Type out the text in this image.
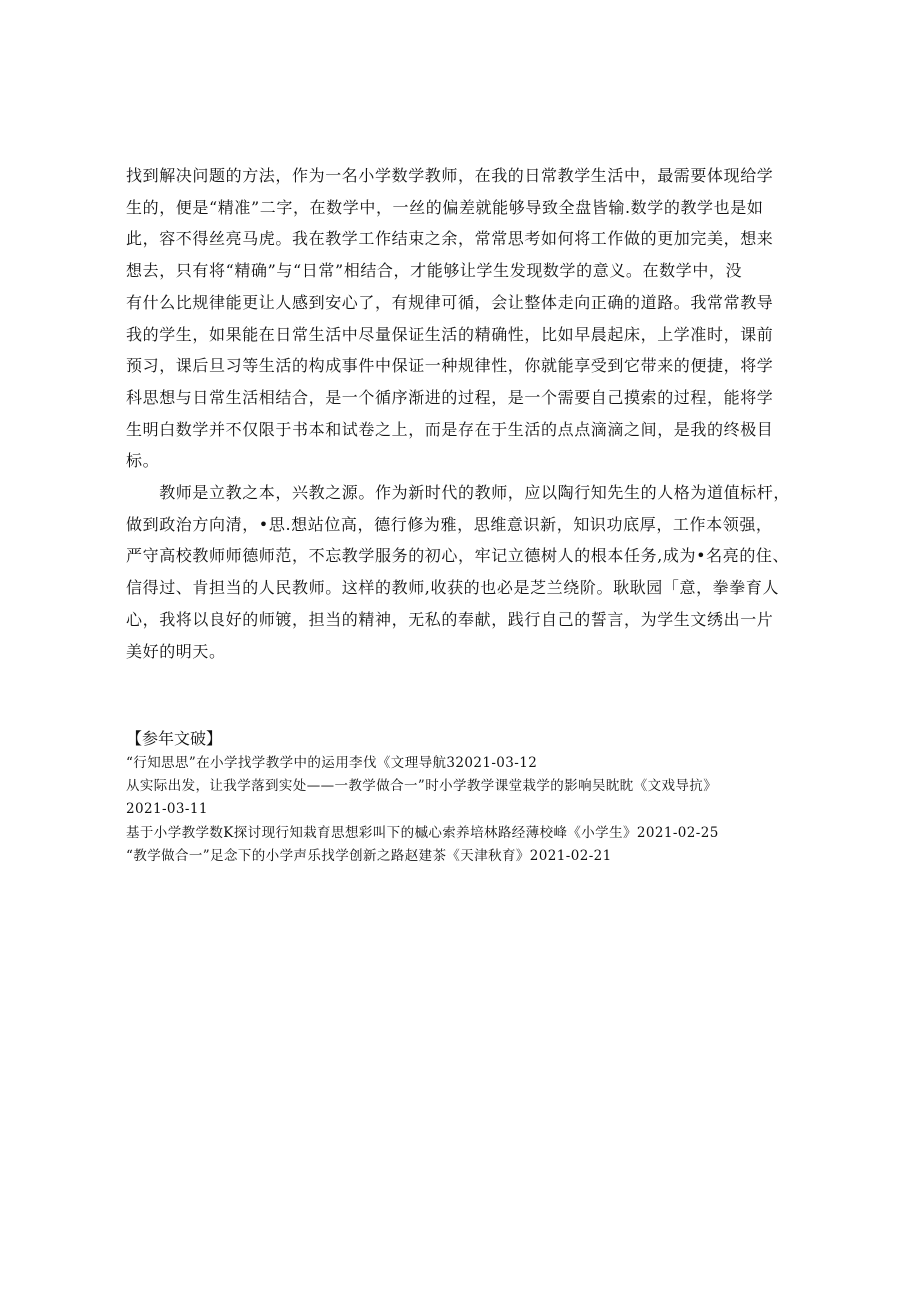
找到解决问题的方法，作为一名小学数学教师，在我的日常教学生活中，最需要体现给学
生的，便是“精准”二字，在数学中，一丝的偏差就能够导致全盘皆输.数学的教学也是如
此，容不得丝亮马虎。我在教学工作结束之余，常常思考如何将工作做的更加完美，想来
想去，只有将“精确”与“日常”相结合，才能够让学生发现数学的意义。在数学中，没
有什么比规律能更让人感到安心了，有规律可循，会让整体走向正确的道路。我常常教导
我的学生，如果能在日常生活中尽量保证生活的精确性，比如早晨起床，上学准时，课前
预习，课后旦习等生活的构成事件中保证一种规律性，你就能享受到它带来的便捷，将学
科思想与日常生活相结合，是一个循序渐进的过程，是一个需要自己摸索的过程，能将学
生明白数学并不仅限于书本和试卷之上，而是存在于生活的点点滴滴之间，是我的终极目
标。
　　教师是立教之本，兴教之源。作为新时代的教师，应以陶行知先生的人格为道值标杆，
做到政治方向清，•思.想站位高，德行修为雅，思维意识新，知识功底厚，工作本领强，
严守高校教师师德师范，不忘教学服务的初心，牢记立德树人的根本任务,成为•名亮的住、
信得过、肯担当的人民教师。这样的教师,收获的也必是芝兰绕阶。耿耿园「意，拳拳育人
心，我将以良好的师镀，担当的精神，无私的奉献，践行自己的誓言，为学生文绣出一片
美好的明天。
【参年文破】
“行知思思”在小学找学教学中的运用李伐《文理导航32021-03-12
从实际出发，让我学落到实处——一教学做合一”时小学教学课堂栽学的影响吴眈眈《文戏导抗》
2021-03-11
基于小学教学数K探讨现行知栽育思想彩叫下的槭心索养培林路经薄校峰《小学生》2021-02-25
“教学做合一”足念下的小学声乐找学创新之路赵建茶《天津秋育》2021-02-21
